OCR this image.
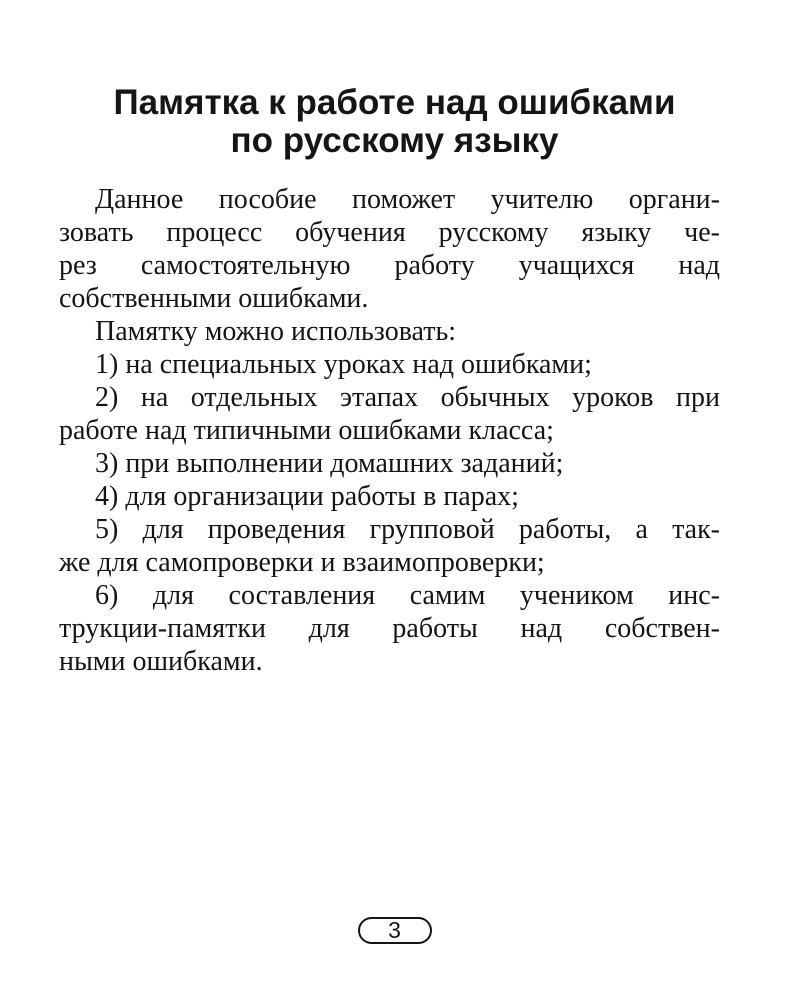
Памятка к работе над ошибками
по русскому языку
Данное пособие поможет учителю органи-
зовать процесс обучения русскому языку че-
рез самостоятельную работу учащихся над
собственными ошибками.
Памятку можно использовать:
1) на специальных уроках над ошибками;
2) на отдельных этапах обычных уроков при
работе над типичными ошибками класса;
3) при выполнении домашних заданий;
4) для организации работы в парах;
5) для проведения групповой работы, а так-
же для самопроверки и взаимопроверки;
6) для составления самим учеником инс-
трукции-памятки для работы над собствен-
ными ошибками.
3
